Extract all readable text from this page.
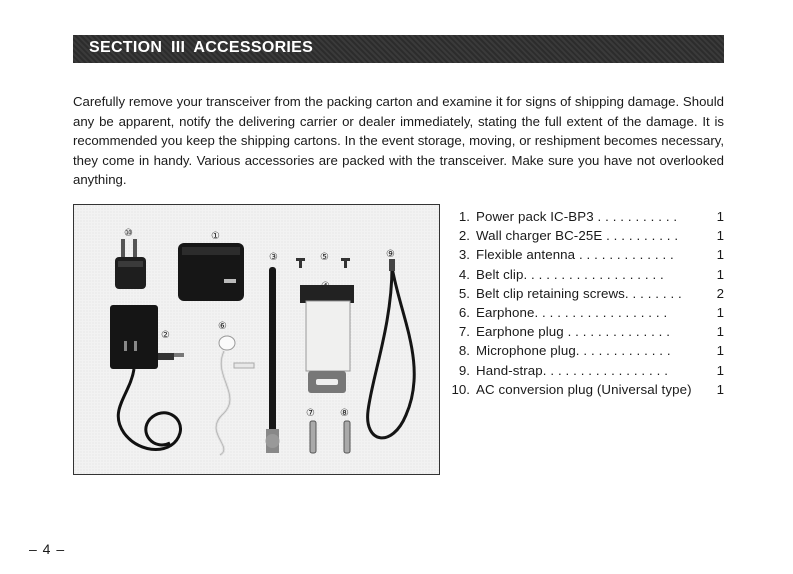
SECTION III ACCESSORIES

Carefully remove your transceiver from the packing carton and examine it for signs of shipping damage. Should any be apparent, notify the delivering carrier or dealer immediately, stating the full extent of the damage. It is recommended you keep the shipping cartons. In the event storage, moving, or reshipment becomes necessary, they come in handy. Various accessories are packed with the transceiver. Make sure you have not overlooked anything.

⑩	①
③	⑤	⑨
④
②
⑥
⑦	⑧
1. Power pack IC-BP3 . . . . . . . . . . .	1
2. Wall charger BC-25E . . . . . . . . . .	1
3. Flexible antenna . . . . . . . . . . . . .	1
4. Belt clip. . . . . . . . . . . . . . . . . . .	1
5. Belt clip retaining screws. . . . . . . .	2
6. Earphone. . . . . . . . . . . . . . . . . .	1
7. Earphone plug . . . . . . . . . . . . . .	1
8. Microphone plug. . . . . . . . . . . . .	1
9. Hand-strap. . . . . . . . . . . . . . . . .	1
10. AC conversion plug (Universal type)	1
– 4 –
